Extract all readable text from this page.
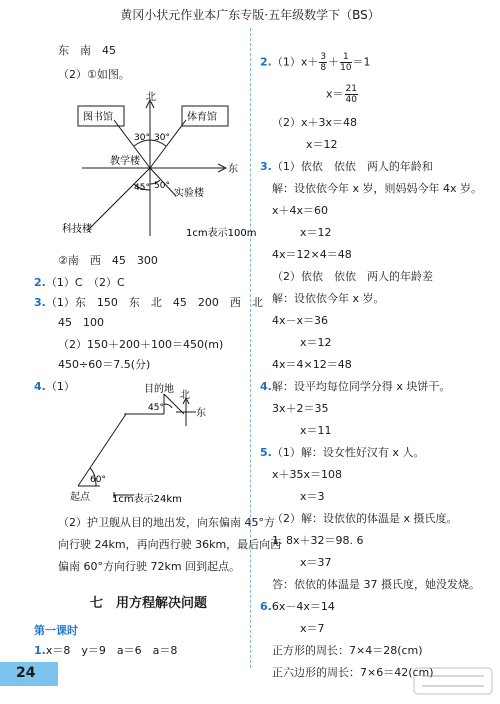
黄冈小状元作业本广东专版·五年级数学下（BS）
东　南　45
（2）①如图。
北
东
图书馆	体育馆
30° 30°
教学楼
45° 50°
实验楼
科技楼	1cm表示100m
②南　西　45　300
2.（1）C　（2）C
3.（1）东　150　东　北　45　200　西　北
45　100
（2）150＋200＋100＝450(m)
450÷60＝7.5(分)
4.（1）	目的地
北
东
45°
60°
起点 1cm表示24km
（2）护卫舰从目的地出发，向东偏南 45°方
向行驶 24km，再向西行驶 36km，最后向西
偏南 60°方向行驶 72km 回到起点。
七　 用方程解决问题
第一课时
1.x＝8　y＝9　a＝6　a＝8
$2.(1)x+ \frac{3}{8} + \frac{1}{10} =1$
$x= \frac{21}{40}$
（2）x＋3x＝48
x＝12
3.（1）依依　依依　两人的年龄和
解：设依依今年 x 岁，则妈妈今年 4x 岁。
x＋4x＝60
x＝12
4x＝12×4＝48
（2）依依　依依　两人的年龄差
解：设依依今年 x 岁。
4x－x＝36
x＝12
4x＝4×12＝48
4.解：设平均每位同学分得 x 块饼干。
3x＋2＝35
x＝11
5.（1）解：设女性好汉有 x 人。
x＋35x＝108
x＝3
（2）解：设依依的体温是 x 摄氏度。
1. 8x＋32＝98. 6
x＝37
答：依依的体温是 37 摄氏度，她没发烧。
6.6x－4x＝14
x＝7
正方形的周长：7×4＝28(cm)
正六边形的周长：7×6＝42(cm)
24
